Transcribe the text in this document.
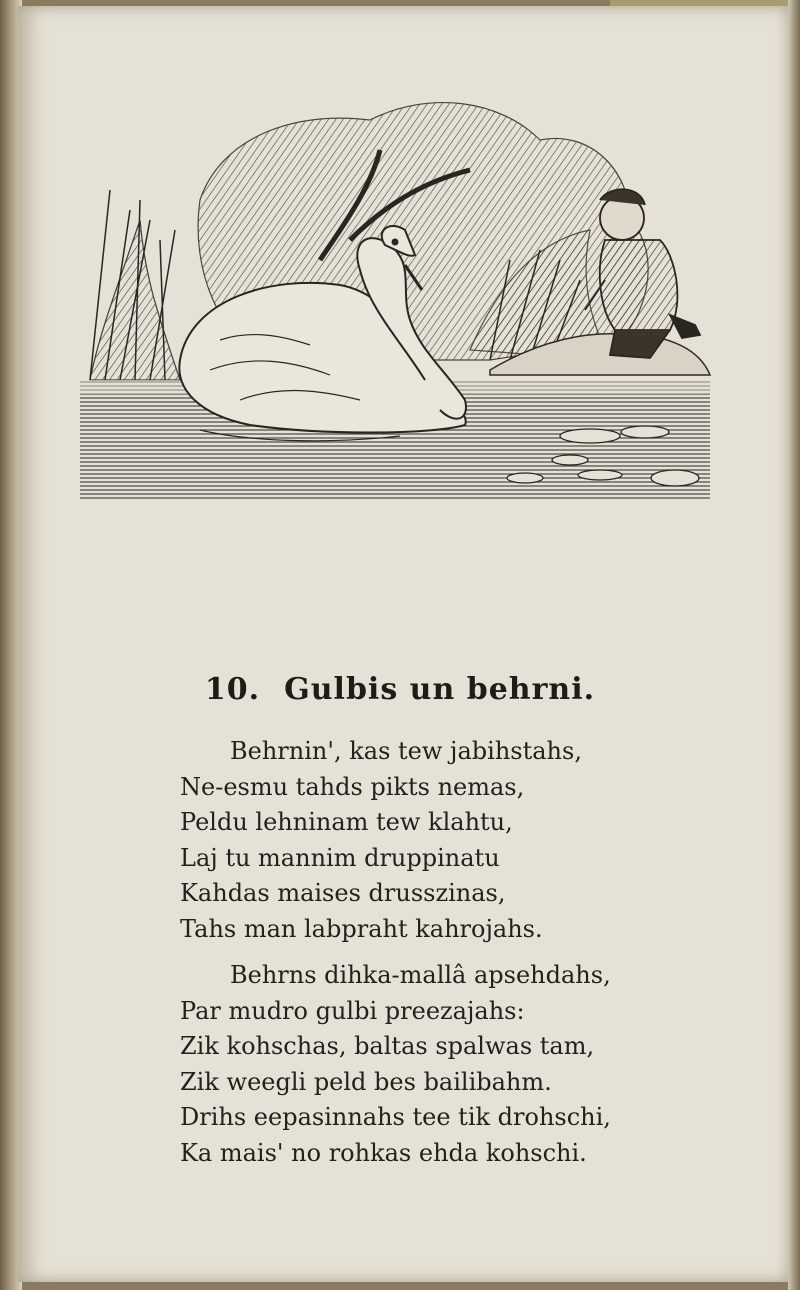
10. Gulbis un behrni.
Behrnin', kas tew jabihstahs,
Ne-esmu tahds pikts nemas,
Peldu lehninam tew klahtu,
Laj tu mannim druppinatu
Kahdas maises drusszinas,
Tahs man labpraht kahrojahs.
Behrns dihka-mallâ apsehdahs,
Par mudro gulbi preezajahs:
Zik kohschas, baltas spalwas tam,
Zik weegli peld bes bailibahm.
Drihs eepasinnahs tee tik drohschi,
Ka mais' no rohkas ehda kohschi.
